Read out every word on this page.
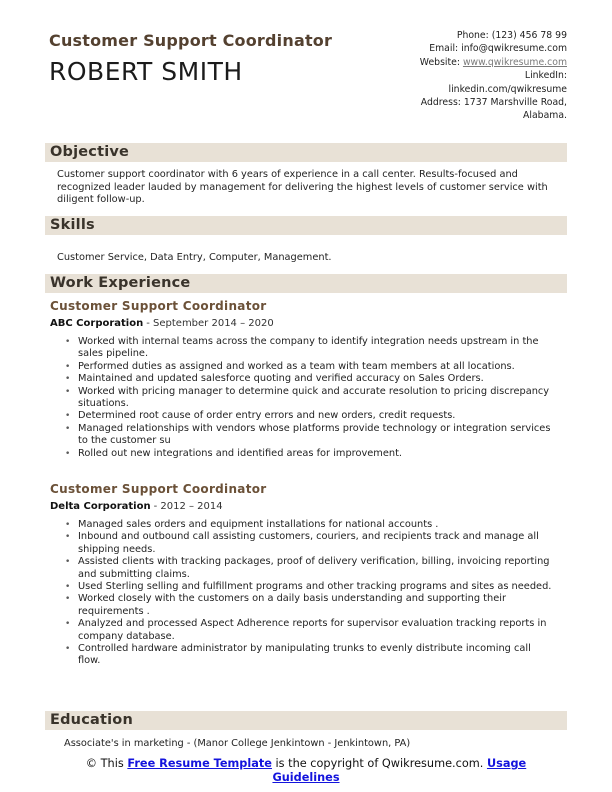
Customer Support Coordinator
ROBERT SMITH
Phone: (123) 456 78 99
Email: info@qwikresume.com
Website: www.qwikresume.com
LinkedIn:
linkedin.com/qwikresume
Address: 1737 Marshville Road,
Alabama.
Objective

Customer support coordinator with 6 years of experience in a call center. Results-focused and recognized leader lauded by management for delivering the highest levels of customer service with diligent follow-up.

Skills

Customer Service, Data Entry, Computer, Management.

Work Experience
Customer Support Coordinator
ABC Corporation - September 2014 – 2020
• Worked with internal teams across the company to identify integration needs upstream in the sales pipeline.
• Performed duties as assigned and worked as a team with team members at all locations.
• Maintained and updated salesforce quoting and verified accuracy on Sales Orders.
• Worked with pricing manager to determine quick and accurate resolution to pricing discrepancy situations.
• Determined root cause of order entry errors and new orders, credit requests.
• Managed relationships with vendors whose platforms provide technology or integration services to the customer su
• Rolled out new integrations and identified areas for improvement.
Customer Support Coordinator
Delta Corporation - 2012 – 2014
• Managed sales orders and equipment installations for national accounts .
• Inbound and outbound call assisting customers, couriers, and recipients track and manage all shipping needs.
• Assisted clients with tracking packages, proof of delivery verification, billing, invoicing reporting and submitting claims.
• Used Sterling selling and fulfillment programs and other tracking programs and sites as needed.
• Worked closely with the customers on a daily basis understanding and supporting their requirements .
• Analyzed and processed Aspect Adherence reports for supervisor evaluation tracking reports in company database.
• Controlled hardware administrator by manipulating trunks to evenly distribute incoming call flow.
Education

Associate's in marketing - (Manor College Jenkintown - Jenkintown, PA)

© This Free Resume Template is the copyright of Qwikresume.com. Usage Guidelines
